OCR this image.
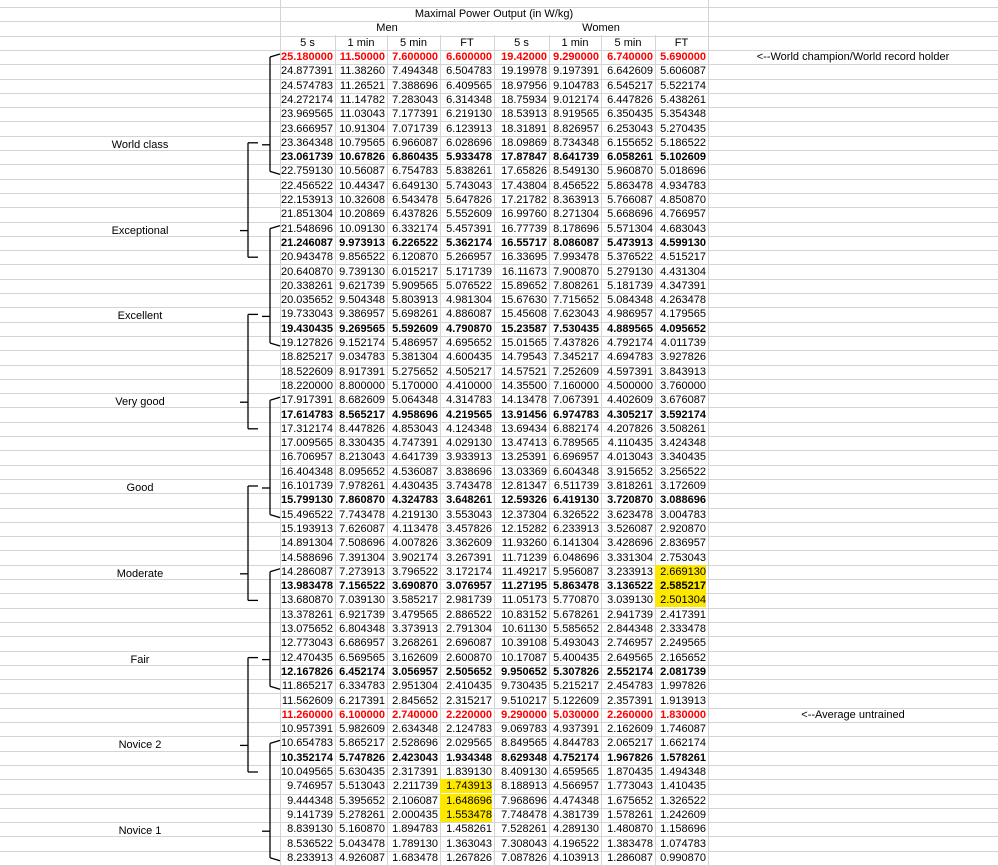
Maximal Power Output (in W/kg)
Men	Women
5 s	1 min	5 min	FT	5 s	1 min	5 min	FT
25.180000 11.50000 7.600000 6.600000 19.42000 9.290000 6.740000 5.690000
24.877391 11.38260 7.494348 6.504783 19.19978 9.197391 6.642609 5.606087
24.574783 11.26521 7.388696 6.409565 18.97956 9.104783 6.545217 5.522174
24.272174 11.14782 7.283043 6.314348 18.75934 9.012174 6.447826 5.438261
23.969565 11.03043 7.177391 6.219130 18.53913 8.919565 6.350435 5.354348
23.666957 10.91304 7.071739 6.123913 18.31891 8.826957 6.253043 5.270435
23.364348 10.79565 6.966087 6.028696 18.09869 8.734348 6.155652 5.186522
23.061739 10.67826 6.860435 5.933478 17.87847 8.641739 6.058261 5.102609
22.759130 10.56087 6.754783 5.838261 17.65826 8.549130 5.960870 5.018696
22.456522 10.44347 6.649130 5.743043 17.43804 8.456522 5.863478 4.934783
22.153913 10.32608 6.543478 5.647826 17.21782 8.363913 5.766087 4.850870
21.851304 10.20869 6.437826 5.552609 16.99760 8.271304 5.668696 4.766957
21.548696 10.09130 6.332174 5.457391 16.77739 8.178696 5.571304 4.683043
21.246087 9.973913 6.226522 5.362174 16.55717 8.086087 5.473913 4.599130
20.943478 9.856522 6.120870 5.266957 16.33695 7.993478 5.376522 4.515217
20.640870 9.739130 6.015217 5.171739 16.11673 7.900870 5.279130 4.431304
20.338261 9.621739 5.909565 5.076522 15.89652 7.808261 5.181739 4.347391
20.035652 9.504348 5.803913 4.981304 15.67630 7.715652 5.084348 4.263478
19.733043 9.386957 5.698261 4.886087 15.45608 7.623043 4.986957 4.179565
19.430435 9.269565 5.592609 4.790870 15.23587 7.530435 4.889565 4.095652
19.127826 9.152174 5.486957 4.695652 15.01565 7.437826 4.792174 4.011739
18.825217 9.034783 5.381304 4.600435 14.79543 7.345217 4.694783 3.927826
18.522609 8.917391 5.275652 4.505217 14.57521 7.252609 4.597391 3.843913
18.220000 8.800000 5.170000 4.410000 14.35500 7.160000 4.500000 3.760000
17.917391 8.682609 5.064348 4.314783 14.13478 7.067391 4.402609 3.676087
17.614783 8.565217 4.958696 4.219565 13.91456 6.974783 4.305217 3.592174
17.312174 8.447826 4.853043 4.124348 13.69434 6.882174 4.207826 3.508261
17.009565 8.330435 4.747391 4.029130 13.47413 6.789565 4.110435 3.424348
16.706957 8.213043 4.641739 3.933913 13.25391 6.696957 4.013043 3.340435
16.404348 8.095652 4.536087 3.838696 13.03369 6.604348 3.915652 3.256522
16.101739 7.978261 4.430435 3.743478 12.81347 6.511739 3.818261 3.172609
15.799130 7.860870 4.324783 3.648261 12.59326 6.419130 3.720870 3.088696
15.496522 7.743478 4.219130 3.553043 12.37304 6.326522 3.623478 3.004783
15.193913 7.626087 4.113478 3.457826 12.15282 6.233913 3.526087 2.920870
14.891304 7.508696 4.007826 3.362609 11.93260 6.141304 3.428696 2.836957
14.588696 7.391304 3.902174 3.267391 11.71239 6.048696 3.331304 2.753043
14.286087 7.273913 3.796522 3.172174 11.49217 5.956087 3.233913 2.669130
13.983478 7.156522 3.690870 3.076957 11.27195 5.863478 3.136522 2.585217
13.680870 7.039130 3.585217 2.981739 11.05173 5.770870 3.039130 2.501304
13.378261 6.921739 3.479565 2.886522 10.83152 5.678261 2.941739 2.417391
13.075652 6.804348 3.373913 2.791304 10.61130 5.585652 2.844348 2.333478
12.773043 6.686957 3.268261 2.696087 10.39108 5.493043 2.746957 2.249565
12.470435 6.569565 3.162609 2.600870 10.17087 5.400435 2.649565 2.165652
12.167826 6.452174 3.056957 2.505652 9.950652 5.307826 2.552174 2.081739
11.865217 6.334783 2.951304 2.410435 9.730435 5.215217 2.454783 1.997826
11.562609 6.217391 2.845652 2.315217 9.510217 5.122609 2.357391 1.913913
11.260000 6.100000 2.740000 2.220000 9.290000 5.030000 2.260000 1.830000
10.957391 5.982609 2.634348 2.124783 9.069783 4.937391 2.162609 1.746087
10.654783 5.865217 2.528696 2.029565 8.849565 4.844783 2.065217 1.662174
10.352174 5.747826 2.423043 1.934348 8.629348 4.752174 1.967826 1.578261
10.049565 5.630435 2.317391 1.839130 8.409130 4.659565 1.870435 1.494348
9.746957 5.513043 2.211739 1.743913 8.188913 4.566957 1.773043 1.410435
9.444348 5.395652 2.106087 1.648696 7.968696 4.474348 1.675652 1.326522
9.141739 5.278261 2.000435 1.553478 7.748478 4.381739 1.578261 1.242609
8.839130 5.160870 1.894783 1.458261 7.528261 4.289130 1.480870 1.158696
8.536522 5.043478 1.789130 1.363043 7.308043 4.196522 1.383478 1.074783
8.233913 4.926087 1.683478 1.267826 7.087826 4.103913 1.286087 0.990870
World class
Exceptional
Excellent
Very good
Good
Moderate
Fair
Novice 2
Novice 1
<--World champion/World record holder
<--Average untrained
